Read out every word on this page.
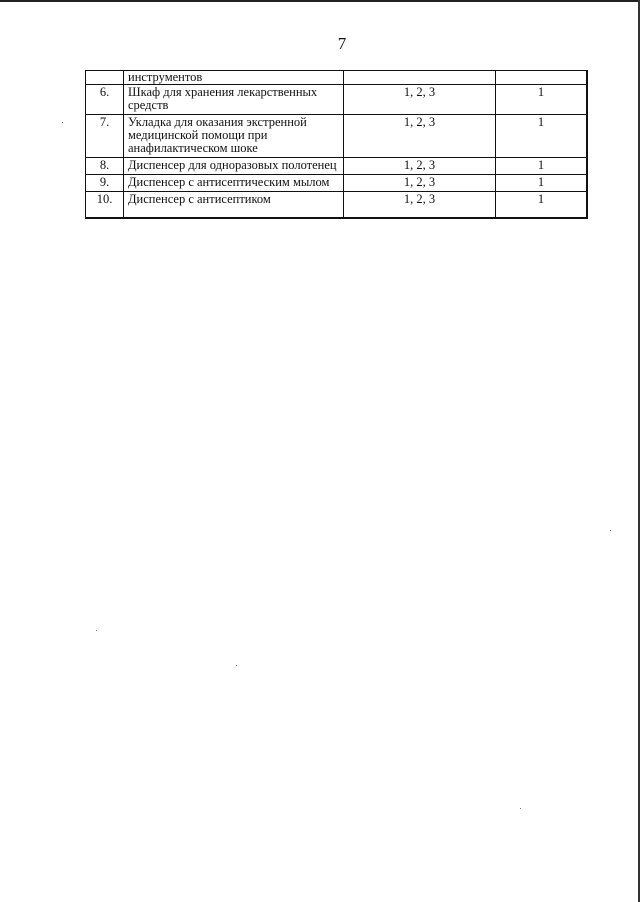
7
	инструментов		
6.	Шкаф для хранения лекарственных средств	1, 2, 3	1
7.	Укладка для оказания экстренной медицинской помощи при анафилактическом шоке	1, 2, 3	1
8.	Диспенсер для одноразовых полотенец	1, 2, 3	1
9.	Диспенсер с антисептическим мылом	1, 2, 3	1
10.	Диспенсер с антисептиком	1, 2, 3	1
